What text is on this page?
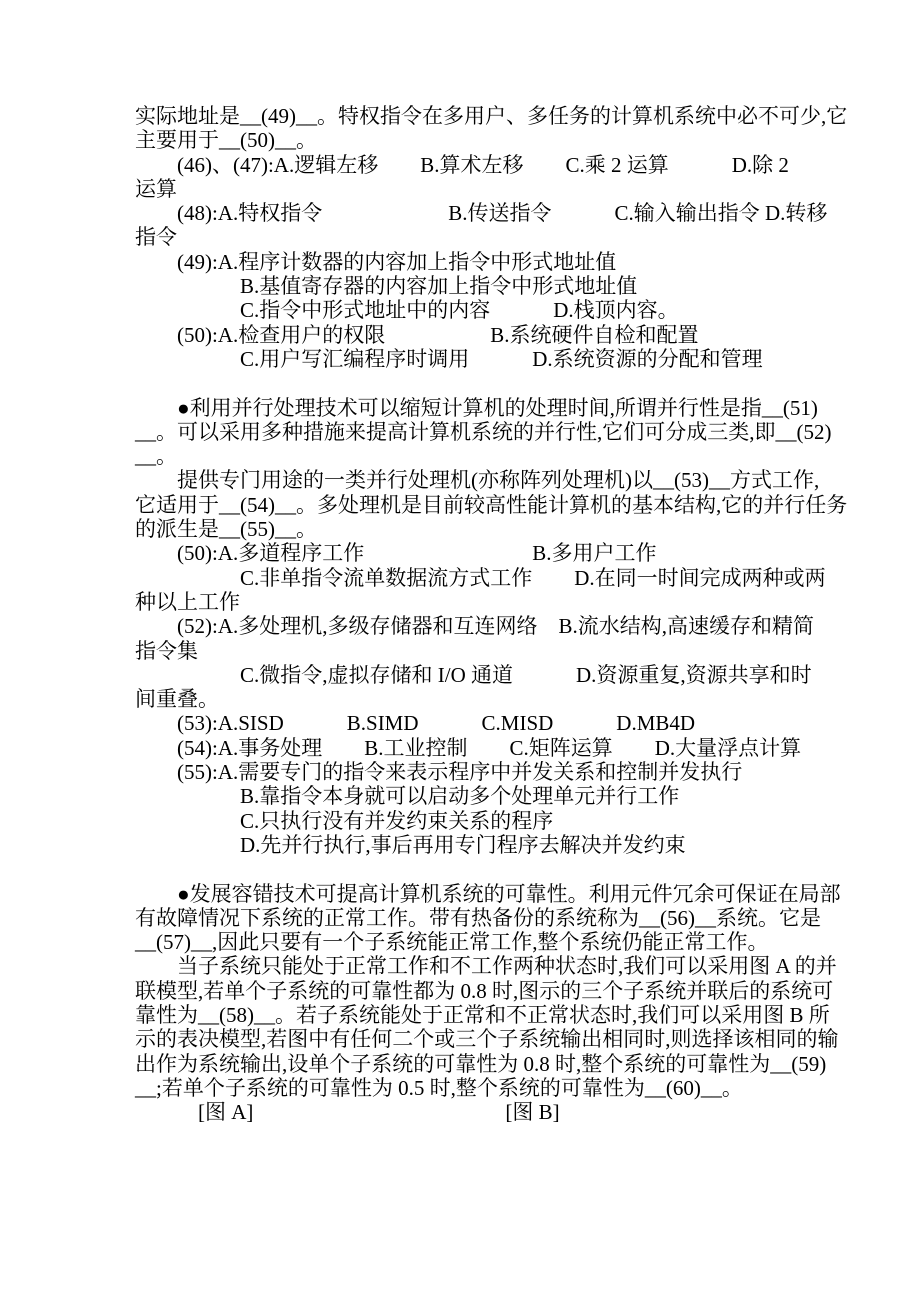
实际地址是__(49)__。特权指令在多用户、多任务的计算机系统中必不可少,它
主要用于__(50)__。
　　(46)、(47):A.逻辑左移　　B.算术左移　　C.乘 2 运算　　　D.除 2
运算
　　(48):A.特权指令　　　　　　B.传送指令　　　C.输入输出指令 D.转移
指令
　　(49):A.程序计数器的内容加上指令中形式地址值
　　　　　B.基值寄存器的内容加上指令中形式地址值
　　　　　C.指令中形式地址中的内容　　　D.栈顶内容。
　　(50):A.检查用户的权限　　　　　B.系统硬件自检和配置
　　　　　C.用户写汇编程序时调用　　　D.系统资源的分配和管理
　　●利用并行处理技术可以缩短计算机的处理时间,所谓并行性是指__(51)
__。可以采用多种措施来提高计算机系统的并行性,它们可分成三类,即__(52)
__。
　　提供专门用途的一类并行处理机(亦称阵列处理机)以__(53)__方式工作,
它适用于__(54)__。多处理机是目前较高性能计算机的基本结构,它的并行任务
的派生是__(55)__。
　　(50):A.多道程序工作　　　　　　　　B.多用户工作
　　　　　C.非单指令流单数据流方式工作　　D.在同一时间完成两种或两
种以上工作
　　(52):A.多处理机,多级存储器和互连网络　B.流水结构,高速缓存和精简
指令集
　　　　　C.微指令,虚拟存储和 I/O 通道　　　D.资源重复,资源共享和时
间重叠。
　　(53):A.SISD　　　B.SIMD　　　C.MISD　　　D.MB4D
　　(54):A.事务处理　　B.工业控制　　C.矩阵运算　　D.大量浮点计算
　　(55):A.需要专门的指令来表示程序中并发关系和控制并发执行
　　　　　B.靠指令本身就可以启动多个处理单元并行工作
　　　　　C.只执行没有并发约束关系的程序
　　　　　D.先并行执行,事后再用专门程序去解决并发约束
　　●发展容错技术可提高计算机系统的可靠性。利用元件冗余可保证在局部
有故障情况下系统的正常工作。带有热备份的系统称为__(56)__系统。它是
__(57)__,因此只要有一个子系统能正常工作,整个系统仍能正常工作。
　　当子系统只能处于正常工作和不工作两种状态时,我们可以采用图 A 的并
联模型,若单个子系统的可靠性都为 0.8 时,图示的三个子系统并联后的系统可
靠性为__(58)__。若子系统能处于正常和不正常状态时,我们可以采用图 B 所
示的表决模型,若图中有任何二个或三个子系统输出相同时,则选择该相同的输
出作为系统输出,设单个子系统的可靠性为 0.8 时,整个系统的可靠性为__(59)
__;若单个子系统的可靠性为 0.5 时,整个系统的可靠性为__(60)__。
　　　[图 A]　　　　　　　　　　　　[图 B]
